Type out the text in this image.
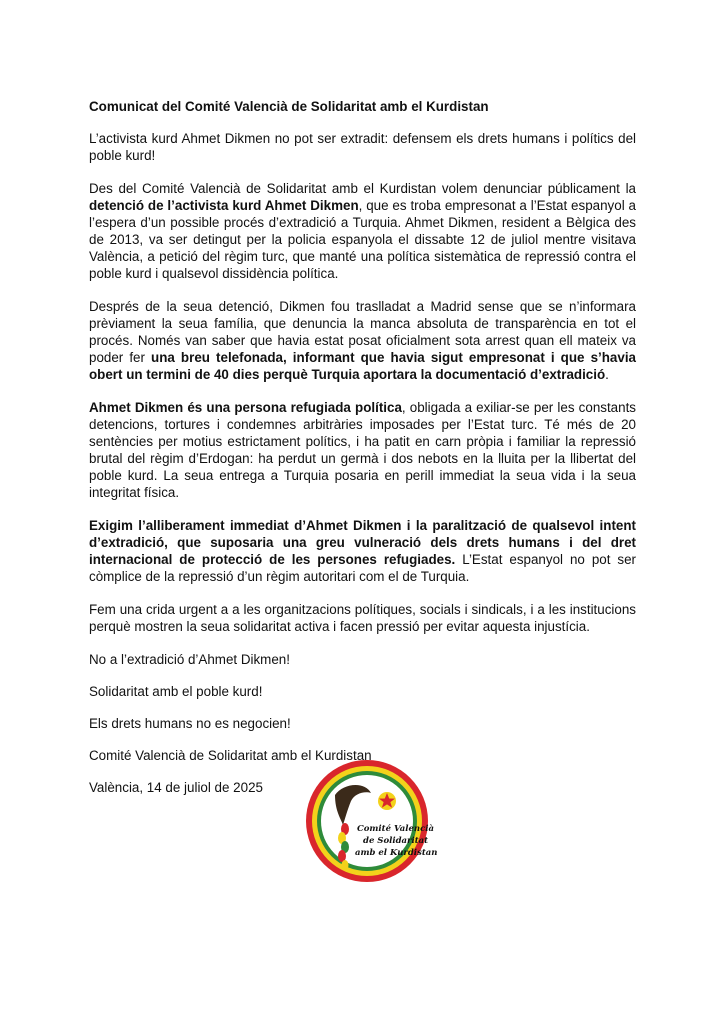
Comunicat del Comité Valencià de Solidaritat amb el Kurdistan

L’activista kurd Ahmet Dikmen no pot ser extradit: defensem els drets humans i polítics del poble kurd!

Des del Comité Valencià de Solidaritat amb el Kurdistan volem denunciar públicament la detenció de l’activista kurd Ahmet Dikmen, que es troba empresonat a l’Estat espanyol a l’espera d’un possible procés d’extradició a Turquia. Ahmet Dikmen, resident a Bèlgica des de 2013, va ser detingut per la policia espanyola el dissabte 12 de juliol mentre visitava València, a petició del règim turc, que manté una política sistemàtica de repressió contra el poble kurd i qualsevol dissidència política.

Després de la seua detenció, Dikmen fou traslladat a Madrid sense que se n’informara prèviament la seua família, que denuncia la manca absoluta de transparència en tot el procés. Només van saber que havia estat posat oficialment sota arrest quan ell mateix va poder fer una breu telefonada, informant que havia sigut empresonat i que s’havia obert un termini de 40 dies perquè Turquia aportara la documentació d’extradició.

Ahmet Dikmen és una persona refugiada política, obligada a exiliar-se per les constants detencions, tortures i condemnes arbitràries imposades per l’Estat turc. Té més de 20 sentències per motius estrictament polítics, i ha patit en carn pròpia i familiar la repressió brutal del règim d’Erdogan: ha perdut un germà i dos nebots en la lluita per la llibertat del poble kurd. La seua entrega a Turquia posaria en perill immediat la seua vida i la seua integritat física.

Exigim l’alliberament immediat d’Ahmet Dikmen i la paralització de qualsevol intent d’extradició, que suposaria una greu vulneració dels drets humans i del dret internacional de protecció de les persones refugiades. L’Estat espanyol no pot ser còmplice de la repressió d’un règim autoritari com el de Turquia.

Fem una crida urgent a a les organitzacions polítiques, socials i sindicals, i a les institucions perquè mostren la seua solidaritat activa i facen pressió per evitar aquesta injustícia.

No a l’extradició d’Ahmet Dikmen!

Solidaritat amb el poble kurd!

Els drets humans no es negocien!

Comité Valencià de Solidaritat amb el Kurdistan

València, 14 de juliol de 2025

Comité Valencià
de Solidaritat
amb el Kurdistan
